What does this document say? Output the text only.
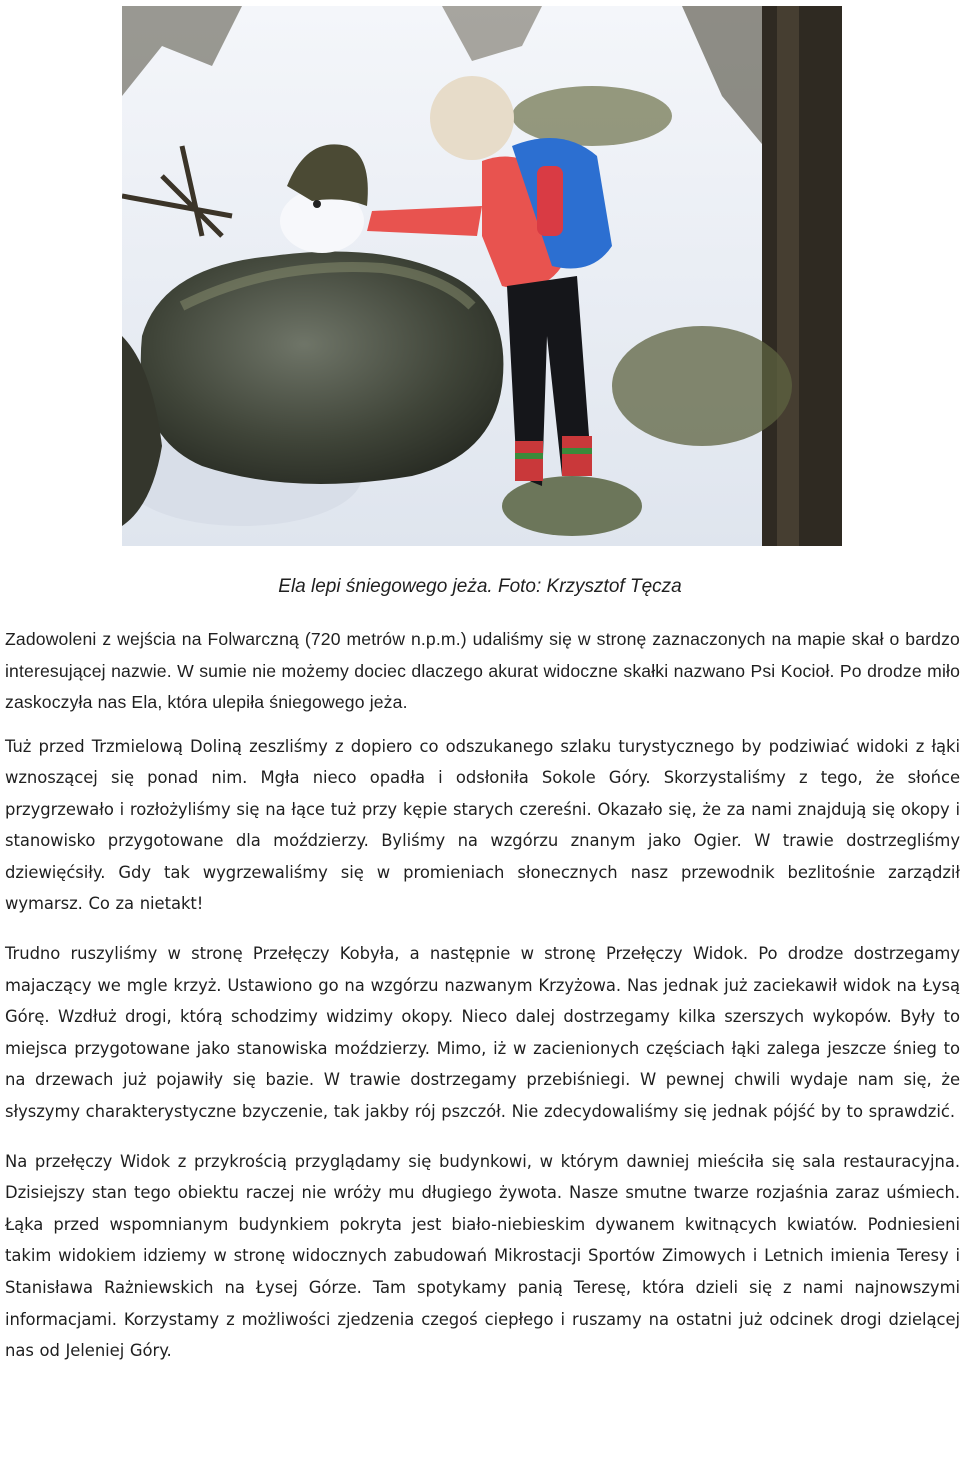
Ela lepi śniegowego jeża. Foto: Krzysztof Tęcza

Zadowoleni z wejścia na Folwarczną (720 metrów n.p.m.) udaliśmy się w stronę zaznaczonych na mapie skał o bardzo interesującej nazwie. W sumie nie możemy dociec dlaczego akurat widoczne skałki nazwano Psi Kocioł. Po drodze miło zaskoczyła nas Ela, która ulepiła śniegowego jeża.

Tuż przed Trzmielową Doliną zeszliśmy z dopiero co odszukanego szlaku turystycznego by podziwiać widoki z łąki wznoszącej się ponad nim. Mgła nieco opadła i odsłoniła Sokole Góry. Skorzystaliśmy z tego, że słońce przygrzewało i rozłożyliśmy się na łące tuż przy kępie starych czereśni. Okazało się, że za nami znajdują się okopy i stanowisko przygotowane dla moździerzy. Byliśmy na wzgórzu znanym jako Ogier. W trawie dostrzegliśmy dziewięćsiły. Gdy tak wygrzewaliśmy się w promieniach słonecznych nasz przewodnik bezlitośnie zarządził wymarsz. Co za nietakt!

Trudno ruszyliśmy w stronę Przełęczy Kobyła, a następnie w stronę Przełęczy Widok. Po drodze dostrzegamy majaczący we mgle krzyż. Ustawiono go na wzgórzu nazwanym Krzyżowa. Nas jednak już zaciekawił widok na Łysą Górę. Wzdłuż drogi, którą schodzimy widzimy okopy. Nieco dalej dostrzegamy kilka szerszych wykopów. Były to miejsca przygotowane jako stanowiska moździerzy. Mimo, iż w zacienionych częściach łąki zalega jeszcze śnieg to na drzewach już pojawiły się bazie. W trawie dostrzegamy przebiśniegi. W pewnej chwili wydaje nam się, że słyszymy charakterystyczne bzyczenie, tak jakby rój pszczół. Nie zdecydowaliśmy się jednak pójść by to sprawdzić.

Na przełęczy Widok z przykrością przyglądamy się budynkowi, w którym dawniej mieściła się sala restauracyjna. Dzisiejszy stan tego obiektu raczej nie wróży mu długiego żywota. Nasze smutne twarze rozjaśnia zaraz uśmiech. Łąka przed wspomnianym budynkiem pokryta jest biało-niebieskim dywanem kwitnących kwiatów. Podniesieni takim widokiem idziemy w stronę widocznych zabudowań Mikrostacji Sportów Zimowych i Letnich imienia Teresy i Stanisława Rażniewskich na Łysej Górze. Tam spotykamy panią Teresę, która dzieli się z nami najnowszymi informacjami. Korzystamy z możliwości zjedzenia czegoś ciepłego i ruszamy na ostatni już odcinek drogi dzielącej nas od Jeleniej Góry.
